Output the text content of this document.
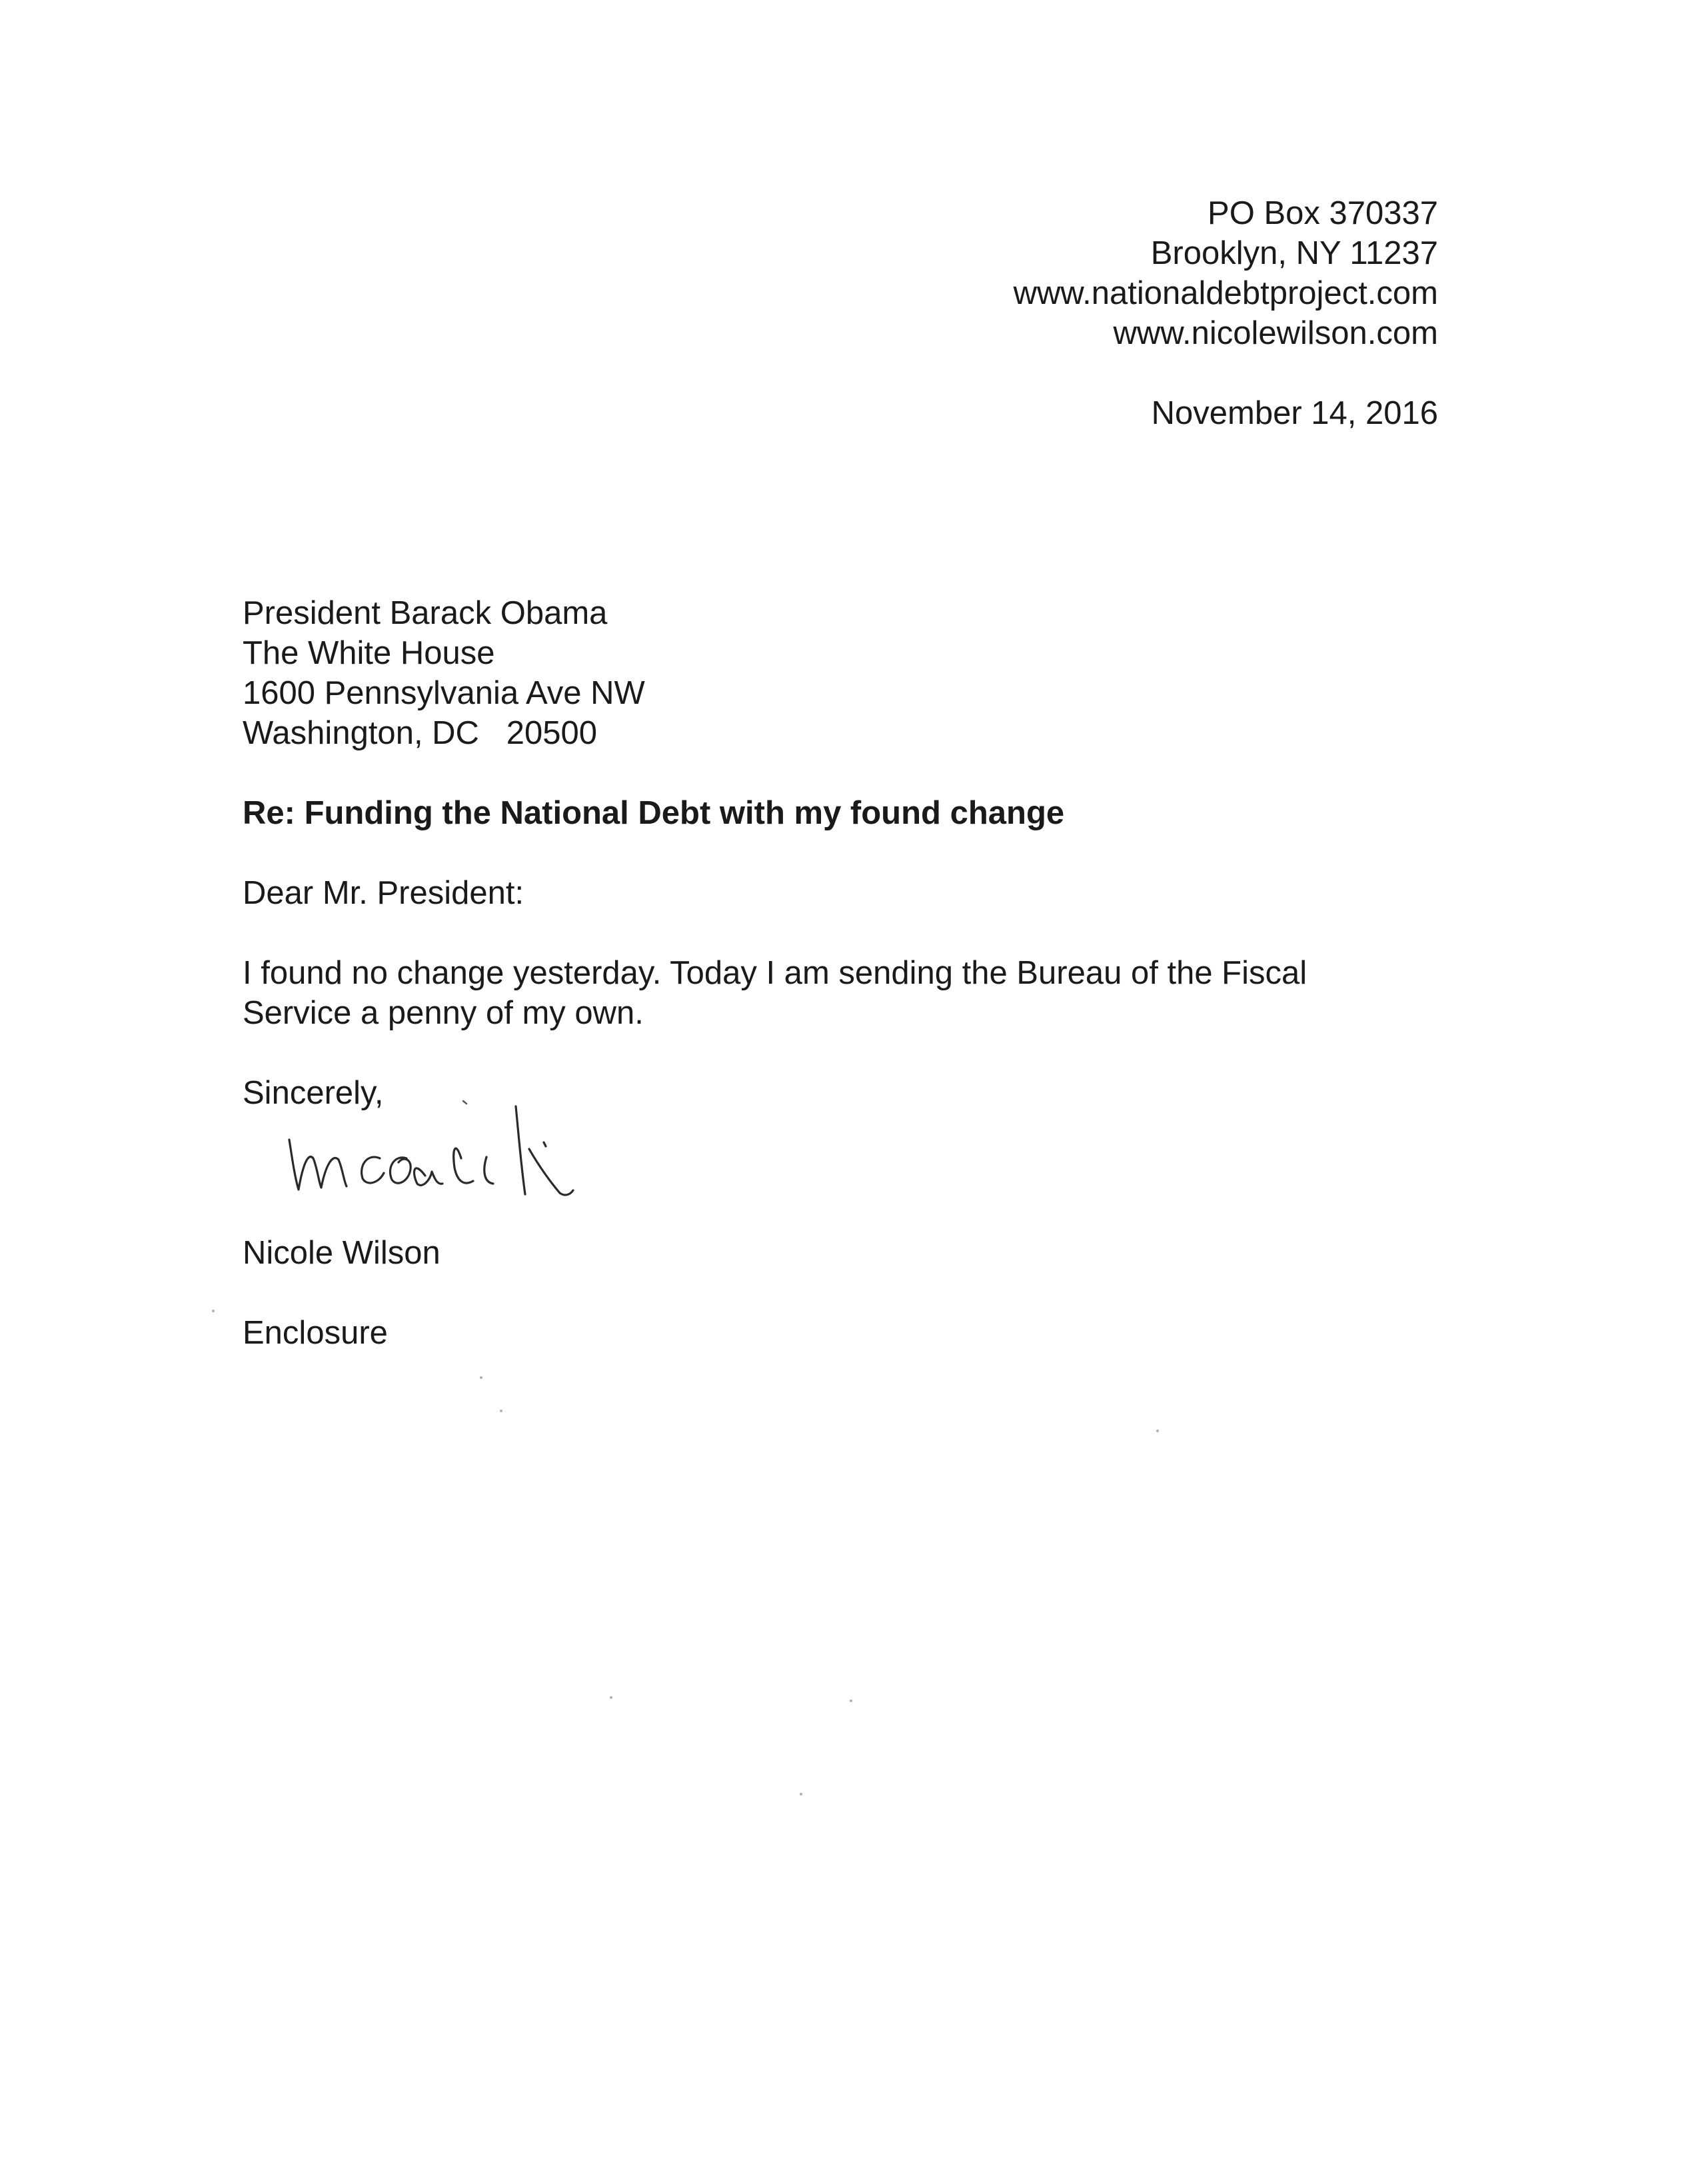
PO Box 370337
Brooklyn, NY 11237
www.nationaldebtproject.com
www.nicolewilson.com
November 14, 2016
President Barack Obama
The White House
1600 Pennsylvania Ave NW
Washington, DC   20500
Re: Funding the National Debt with my found change
Dear Mr. President:

I found no change yesterday. Today I am sending the Bureau of the Fiscal Service a penny of my own.

Sincerely,
Nicole Wilson
Enclosure
